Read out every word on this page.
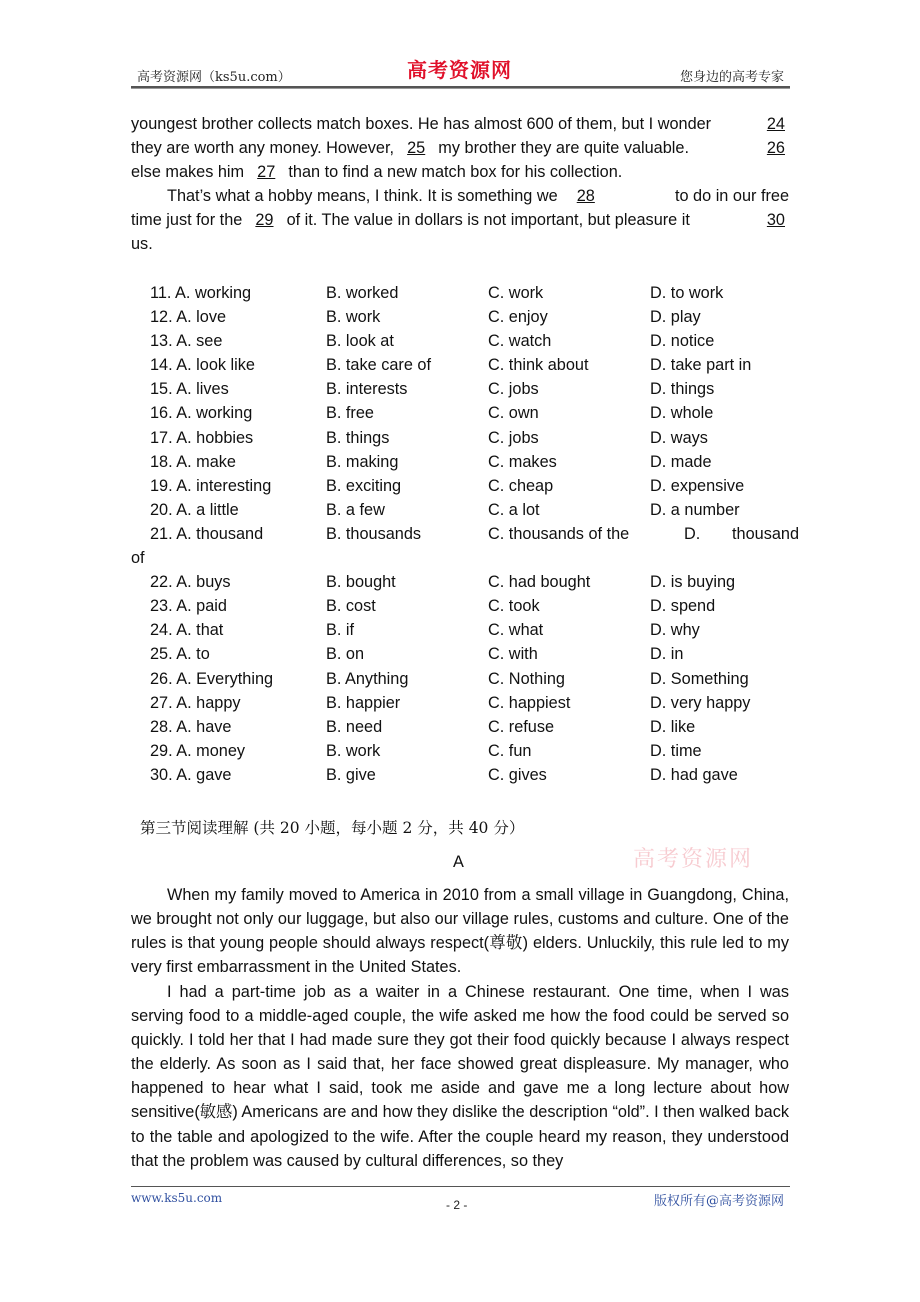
高考资源网（ks5u.com）	高考资源网	您身边的高考专家
youngest brother collects match boxes. He has almost 600 of them, but I wonder	24
they are worth any money. However, 25 my brother they are quite valuable.	26
else makes him 27 than to find a new match box for his collection.
That’s what a hobby means, I think. It is something we 28	to do in our free
time just for the 29 of it. The value in dollars is not important, but pleasure it	30
us.
11. A. working	B. worked	C. work	D. to work
12. A. love	B. work	C. enjoy	D. play
13. A. see	B. look at	C. watch	D. notice
14. A. look like	B. take care of	C. think about	D. take part in
15. A. lives	B. interests	C. jobs	D. things
16. A. working	B. free	C. own	D. whole
17. A. hobbies	B. things	C. jobs	D. ways
18. A. make	B. making	C. makes	D. made
19. A. interesting	B. exciting	C. cheap	D. expensive
20. A. a little	B. a few	C. a lot	D. a number
21. A. thousand	B. thousands	C. thousands of the	D. thousand
of
22. A. buys	B. bought	C. had bought	D. is buying
23. A. paid	B. cost	C. took	D. spend
24. A. that	B. if	C. what	D. why
25. A. to	B. on	C. with	D. in
26. A. Everything	B. Anything	C. Nothing	D. Something
27. A. happy	B. happier	C. happiest	D. very happy
28. A. have	B. need	C. refuse	D. like
29. A. money	B. work	C. fun	D. time
30. A. gave	B. give	C. gives	D. had gave
第三节阅读理解 (共 20 小题，每小题 2 分，共 40 分）
A	高考资源网
When my family moved to America in 2010 from a small village in Guangdong, China, we brought not only our luggage, but also our village rules, customs and culture. One of the rules is that young people should always respect(尊敬) elders. Unluckily, this rule led to my very first embarrassment in the United States.
I had a part-time job as a waiter in a Chinese restaurant. One time, when I was serving food to a middle-aged couple, the wife asked me how the food could be served so quickly. I told her that I had made sure they got their food quickly because I always respect the elderly. As soon as I said that, her face showed great displeasure. My manager, who happened to hear what I said, took me aside and gave me a long lecture about how sensitive(敏感) Americans are and how they dislike the description “old”. I then walked back to the table and apologized to the wife. After the couple heard my reason, they understood that the problem was caused by cultural differences, so they
www.ks5u.com	- 2 -	版权所有@高考资源网
